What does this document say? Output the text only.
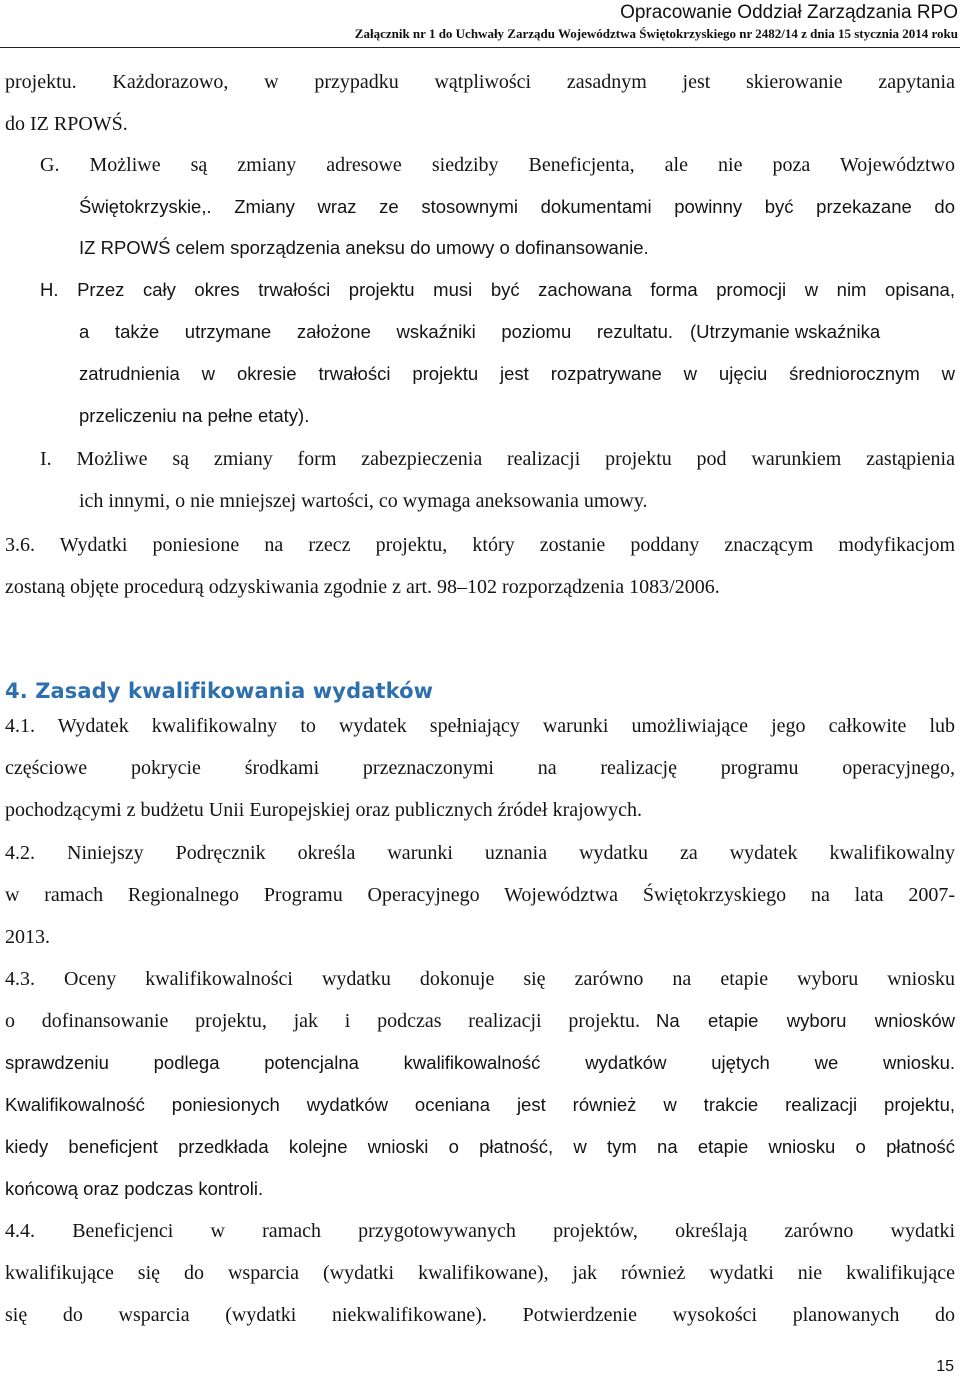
Opracowanie Oddział Zarządzania RPO
Załącznik nr 1 do Uchwały Zarządu Województwa Świętokrzyskiego nr 2482/14 z dnia 15 stycznia 2014 roku
projektu. Każdorazowo, w przypadku wątpliwości zasadnym jest skierowanie zapytania
do IZ RPOWŚ.
G. Możliwe są zmiany adresowe siedziby Beneficjenta, ale nie poza Województwo
Świętokrzyskie,. Zmiany wraz ze stosownymi dokumentami powinny być przekazane do
IZ RPOWŚ celem sporządzenia aneksu do umowy o dofinansowanie.
H. Przez cały okres trwałości projektu musi być zachowana forma promocji w nim opisana,
a także utrzymane założone wskaźniki poziomu rezultatu. (Utrzymanie wskaźnika
zatrudnienia w okresie trwałości projektu jest rozpatrywane w ujęciu średniorocznym w
przeliczeniu na pełne etaty).
I. Możliwe są zmiany form zabezpieczenia realizacji projektu pod warunkiem zastąpienia
ich innymi, o nie mniejszej wartości, co wymaga aneksowania umowy.
3.6. Wydatki poniesione na rzecz projektu, który zostanie poddany znaczącym modyfikacjom
zostaną objęte procedurą odzyskiwania zgodnie z art. 98–102 rozporządzenia 1083/2006.
4. Zasady kwalifikowania wydatków
4.1. Wydatek kwalifikowalny to wydatek spełniający warunki umożliwiające jego całkowite lub
częściowe pokrycie środkami przeznaczonymi na realizację programu operacyjnego,
pochodzącymi z budżetu Unii Europejskiej oraz publicznych źródeł krajowych.
4.2. Niniejszy Podręcznik określa warunki uznania wydatku za wydatek kwalifikowalny
w ramach Regionalnego Programu Operacyjnego Województwa Świętokrzyskiego na lata 2007-
2013.
4.3. Oceny kwalifikowalności wydatku dokonuje się zarówno na etapie wyboru wniosku
o dofinansowanie projektu, jak i podczas realizacji projektu. Na etapie wyboru wniosków
sprawdzeniu podlega potencjalna kwalifikowalność wydatków ujętych we wniosku.
Kwalifikowalność poniesionych wydatków oceniana jest również w trakcie realizacji projektu,
kiedy beneficjent przedkłada kolejne wnioski o płatność, w tym na etapie wniosku o płatność
końcową oraz podczas kontroli.
4.4. Beneficjenci w ramach przygotowywanych projektów, określają zarówno wydatki
kwalifikujące się do wsparcia (wydatki kwalifikowane), jak również wydatki nie kwalifikujące
się do wsparcia (wydatki niekwalifikowane). Potwierdzenie wysokości planowanych do
15
